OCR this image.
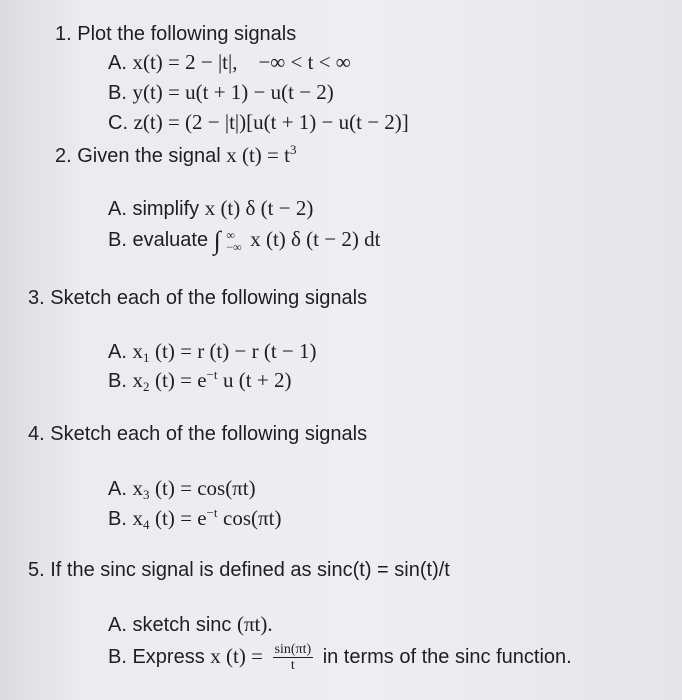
1. Plot the following signals
A. x(t) = 2 − |t|,    −∞ < t < ∞
B. y(t) = u(t + 1) − u(t − 2)
C. z(t) = (2 − |t|)[u(t + 1) − u(t − 2)]
2. Given the signal x $(t) = t^3$
A. simplify x (t) δ (t − 2)
B. evaluate ∫ ∞
−∞ x (t) δ (t − 2) dt
3. Sketch each of the following signals
A. $x_1$ (t) = r (t) − r (t − 1)
B. $x_2$ $(t) = e^{-t}$ u (t + 2)
4. Sketch each of the following signals
A. $x_3$ (t) = cos(πt)
B. $x_4$ $(t) = e^{-t}$ cos(πt)
5. If the sinc signal is defined as sinc(t) = sin(t)/t
A. sketch sinc (πt).
B. Express x $(t) = \frac{\sin(\pi t)}{t}$ in terms of the sinc function.
